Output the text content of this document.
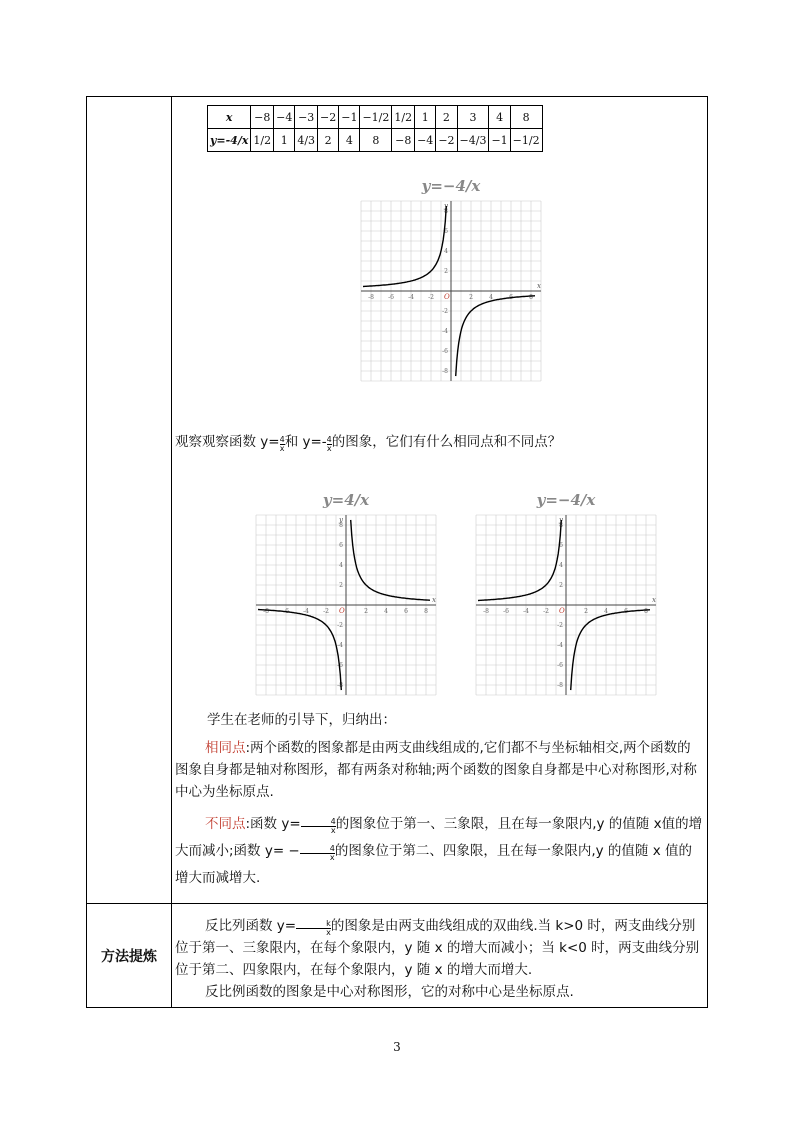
方法提炼
x	−8	−4	−3	−2	−1	−1/2	1/2	1	2	3	4	8
y=-4/x	1/2	1	4/3	2	4	8	−8	−4	−2	−4/3	−1	−1/2
y=−4/x
x
y
O
-8 -6 -4 -2	2	4	6	8
-8
-6
-4
-2
2
4
6
8

观察观察函数 $y= \frac{4}{x}$ 和 $y=- \frac{4}{x}$ 的图象，它们有什么相同点和不同点？

y=4/x
x
y
O
-8 -6 -4 -2	2	4	6	8
-8
-6
-4
-2
2
4
6
8
y=−4/x
x
y
O
-8 -6 -4 -2	2	4	6	8
-8
-6
-4
-2
2
4
6
8

学生在老师的引导下，归纳出：

相同点:两个函数的图象都是由两支曲线组成的,它们都不与坐标轴相交,两个函数的图象自身都是轴对称图形，都有两条对称轴;两个函数的图象自身都是中心对称图形,对称中心为坐标原点.

不同点:函数 $y= \frac{4}{x}$ 的图象位于第一、三象限，且在每一象限内,y 的值随 x值的增大而减小;函数 $y= - \frac{4}{x}$ 的图象位于第二、四象限，且在每一象限内,y 的值随 x 值的增大而减增大.

反比列函数 $y= \frac{k}{x}$ 的图象是由两支曲线组成的双曲线.当 k>0 时，两支曲线分别位于第一、三象限内，在每个象限内，y 随 x 的增大而减小；当 k<0 时，两支曲线分别位于第二、四象限内，在每个象限内，y 随 x 的增大而增大.

反比例函数的图象是中心对称图形，它的对称中心是坐标原点.

3
